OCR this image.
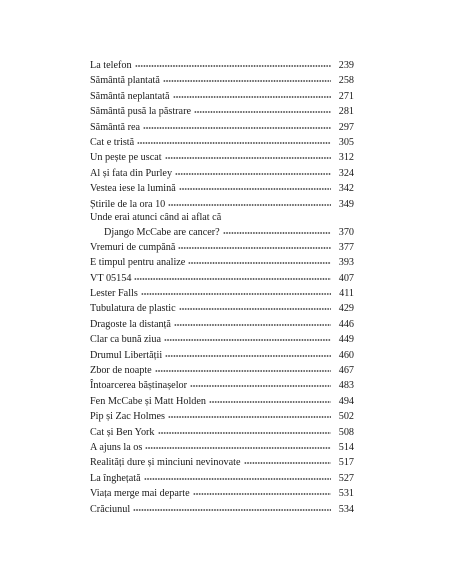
La telefon	239
Sământă plantată	258
Sământă neplantată	271
Sământă pusă la păstrare	281
Sământă rea	297
Cat e tristă	305
Un pește pe uscat	312
Al și fata din Purley	324
Vestea iese la lumină	342
Știrile de la ora 10	349
Unde erai atunci când ai aflat că
Django McCabe are cancer?	370
Vremuri de cumpănă	377
E timpul pentru analize	393
VT 05154	407
Lester Falls	411
Tubulatura de plastic	429
Dragoste la distanță	446
Clar ca bună ziua	449
Drumul Libertății	460
Zbor de noapte	467
Întoarcerea băștinașelor	483
Fen McCabe și Matt Holden	494
Pip și Zac Holmes	502
Cat și Ben York	508
A ajuns la os	514
Realități dure și minciuni nevinovate	517
La înghețată	527
Viața merge mai departe	531
Crăciunul	534
